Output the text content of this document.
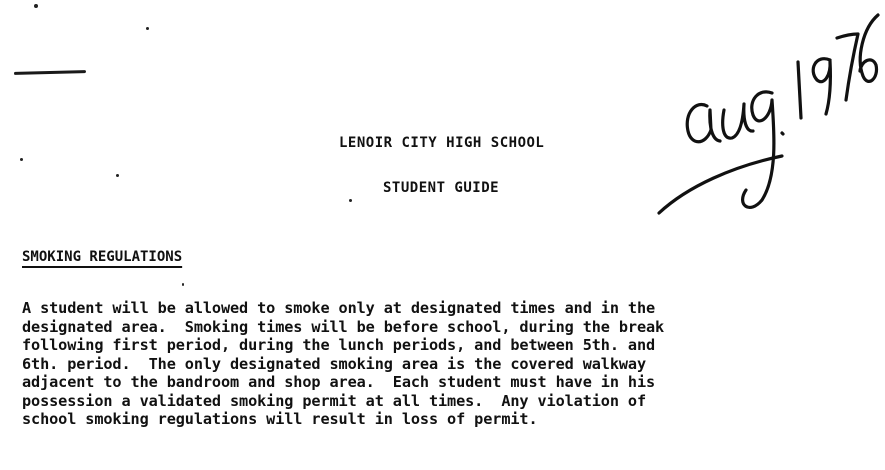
LENOIR CITY HIGH SCHOOL
STUDENT GUIDE
SMOKING REGULATIONS
A student will be allowed to smoke only at designated times and in the
designated area.  Smoking times will be before school, during the break
following first period, during the lunch periods, and between 5th. and
6th. period.  The only designated smoking area is the covered walkway
adjacent to the bandroom and shop area.  Each student must have in his
possession a validated smoking permit at all times.  Any violation of
school smoking regulations will result in loss of permit.
